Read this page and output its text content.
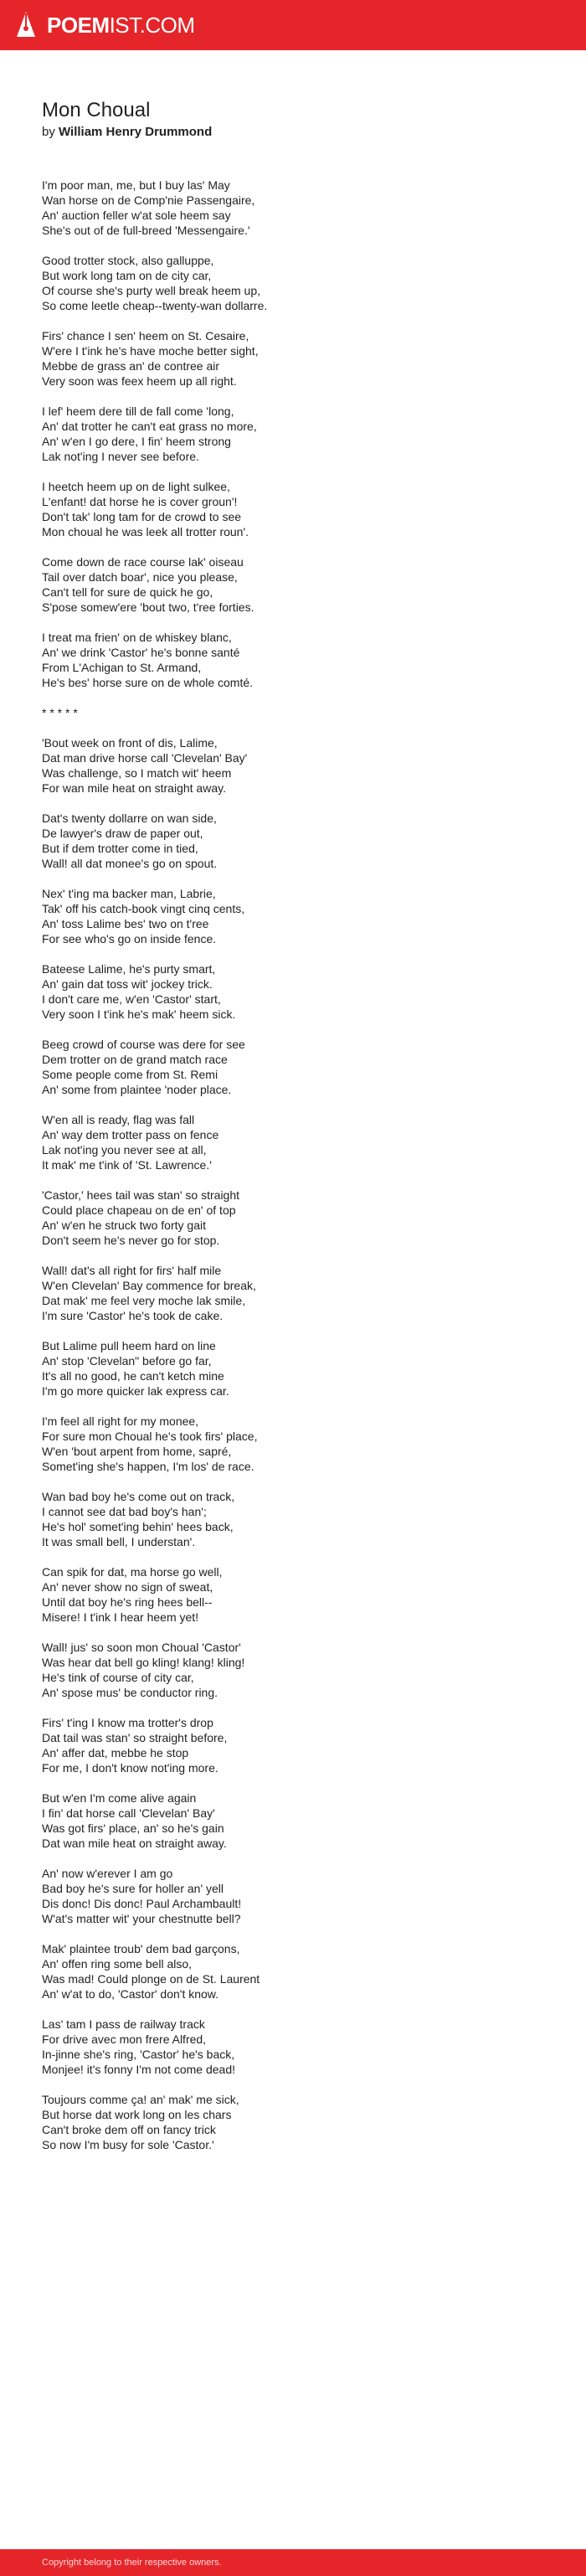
POEMIST.COM
Mon Choual
by William Henry Drummond
I'm poor man, me, but I buy las' May
Wan horse on de Comp'nie Passengaire,
An' auction feller w'at sole heem say
She's out of de full-breed 'Messengaire.'
Good trotter stock, also galluppe,
But work long tam on de city car,
Of course she's purty well break heem up,
So come leetle cheap--twenty-wan dollarre.
Firs' chance I sen' heem on St. Cesaire,
W'ere I t'ink he's have moche better sight,
Mebbe de grass an' de contree air
Very soon was feex heem up all right.
I lef' heem dere till de fall come 'long,
An' dat trotter he can't eat grass no more,
An' w'en I go dere, I fin' heem strong
Lak not'ing I never see before.
I heetch heem up on de light sulkee,
L'enfant! dat horse he is cover groun'!
Don't tak' long tam for de crowd to see
Mon choual he was leek all trotter roun'.
Come down de race course lak' oiseau
Tail over datch boar', nice you please,
Can't tell for sure de quick he go,
S'pose somew'ere 'bout two, t'ree forties.
I treat ma frien' on de whiskey blanc,
An' we drink 'Castor' he's bonne santé
From L'Achigan to St. Armand,
He's bes' horse sure on de whole comté.
* * * * *
'Bout week on front of dis, Lalime,
Dat man drive horse call 'Clevelan' Bay'
Was challenge, so I match wit' heem
For wan mile heat on straight away.
Dat's twenty dollarre on wan side,
De lawyer's draw de paper out,
But if dem trotter come in tied,
Wall! all dat monee's go on spout.
Nex' t'ing ma backer man, Labrie,
Tak' off his catch-book vingt cinq cents,
An' toss Lalime bes' two on t'ree
For see who's go on inside fence.
Bateese Lalime, he's purty smart,
An' gain dat toss wit' jockey trick.
I don't care me, w'en 'Castor' start,
Very soon I t'ink he's mak' heem sick.
Beeg crowd of course was dere for see
Dem trotter on de grand match race
Some people come from St. Remi
An' some from plaintee 'noder place.
W'en all is ready, flag was fall
An' way dem trotter pass on fence
Lak not'ing you never see at all,
It mak' me t'ink of 'St. Lawrence.'
'Castor,' hees tail was stan' so straight
Could place chapeau on de en' of top
An' w'en he struck two forty gait
Don't seem he's never go for stop.
Wall! dat's all right for firs' half mile
W'en Clevelan' Bay commence for break,
Dat mak' me feel very moche lak smile,
I'm sure 'Castor' he's took de cake.
But Lalime pull heem hard on line
An' stop 'Clevelan" before go far,
It's all no good, he can't ketch mine
I'm go more quicker lak express car.
I'm feel all right for my monee,
For sure mon Choual he's took firs' place,
W'en 'bout arpent from home, sapré,
Somet'ing she's happen, I'm los' de race.
Wan bad boy he's come out on track,
I cannot see dat bad boy's han';
He's hol' somet'ing behin' hees back,
It was small bell, I understan'.
Can spik for dat, ma horse go well,
An' never show no sign of sweat,
Until dat boy he's ring hees bell--
Misere! I t'ink I hear heem yet!
Wall! jus' so soon mon Choual 'Castor'
Was hear dat bell go kling! klang! kling!
He's tink of course of city car,
An' spose mus' be conductor ring.
Firs' t'ing I know ma trotter's drop
Dat tail was stan' so straight before,
An' affer dat, mebbe he stop
For me, I don't know not'ing more.
But w'en I'm come alive again
I fin' dat horse call 'Clevelan' Bay'
Was got firs' place, an' so he's gain
Dat wan mile heat on straight away.
An' now w'erever I am go
Bad boy he's sure for holler an' yell
Dis donc! Dis donc! Paul Archambault!
W'at's matter wit' your chestnutte bell?
Mak' plaintee troub' dem bad garçons,
An' offen ring some bell also,
Was mad! Could plonge on de St. Laurent
An' w'at to do, 'Castor' don't know.
Las' tam I pass de railway track
For drive avec mon frere Alfred,
In-jinne she's ring, 'Castor' he's back,
Monjee! it's fonny I'm not come dead!
Toujours comme ça! an' mak' me sick,
But horse dat work long on les chars
Can't broke dem off on fancy trick
So now I'm busy for sole 'Castor.'
Copyright belong to their respective owners.
